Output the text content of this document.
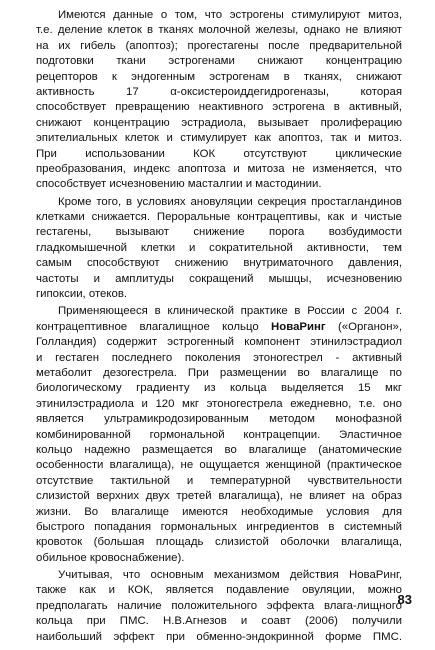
Имеются данные о том, что эстрогены стимулируют митоз,
т.е. деление клеток в тканях молочной железы, однако не влияют
на их гибель (апоптоз); прогестагены после предварительной
подготовки ткани эстрогенами снижают концентрацию
рецепторов к эндогенным эстрогенам в тканях, снижают
активность 17 α-оксистероиддегидрогеназы, которая
способствует превращению неактивного эстрогена в активный,
снижают концентрацию эстрадиола, вызывает пролиферацию
эпителиальных клеток и стимулирует как апоптоз, так и митоз.
При использовании КОК отсутствуют циклические
преобразования, индекс апоптоза и митоза не изменяется, что
способствует исчезновению масталгии и мастодинии.
Кроме того, в условиях ановуляции секреция простагландинов
клетками снижается. Пероральные контрацептивы, как и чистые
гестагены, вызывают снижение порога возбудимости
гладкомышечной клетки и сократительной активности, тем
самым способствуют снижению внутриматочного давления,
частоты и амплитуды сокращений мышцы, исчезновению
гипоксии, отеков.
Применяющееся в клинической практике в России с 2004 г.
контрацептивное влагалищное кольцо НоваРинг («Органон»,
Голландия) содержит эстрогенный компонент этинилэстрадиол
и гестаген последнего поколения этоногестрел - активный
метаболит дезогестрела. При размещении во влагалище по
биологическому градиенту из кольца выделяется 15 мкг
этинилэстрадиола и 120 мкг этоногестрела ежедневно, т.е. оно
является ультрамикродозированным методом монофазной
комбинированной гормональной контрацепции. Эластичное
кольцо надежно размещается во влагалище (анатомические
особенности влагалища), не ощущается женщиной (практическое
отсутствие тактильной и температурной чувствительности
слизистой верхних двух третей влагалища), не влияет на образ
жизни. Во влагалище имеются необходимые условия для
быстрого попадания гормональных ингредиентов в системный
кровоток (большая площадь слизистой оболочки влагалища,
обильное кровоснабжение).
Учитывая, что основным механизмом действия НоваРинг,
также как и КОК, является подавление овуляции, можно
предполагать наличие положительного эффекта влага-лищного
кольца при ПМС. Н.В.Агнезов и соавт (2006) получили
наибольший эффект при обменно-эндокринной форме ПМС.
83
